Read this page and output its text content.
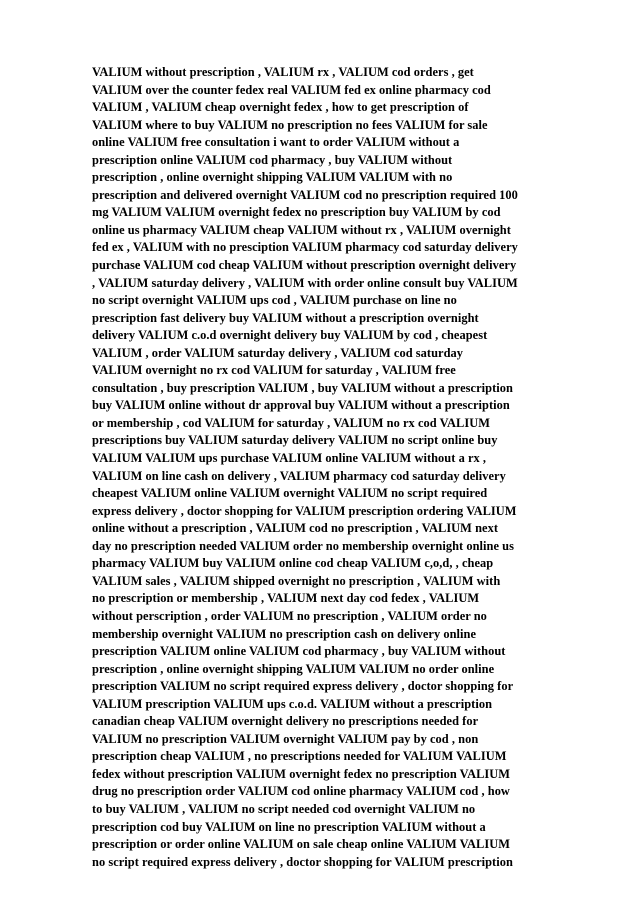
VALIUM without prescription , VALIUM rx , VALIUM cod orders , get
VALIUM over the counter fedex real VALIUM fed ex online pharmacy cod
VALIUM , VALIUM cheap overnight fedex , how to get prescription of
VALIUM where to buy VALIUM no prescription no fees VALIUM for sale
online VALIUM free consultation i want to order VALIUM without a
prescription online VALIUM cod pharmacy , buy VALIUM without
prescription , online overnight shipping VALIUM VALIUM with no
prescription and delivered overnight VALIUM cod no prescription required 100
mg VALIUM VALIUM overnight fedex no prescription buy VALIUM by cod
online us pharmacy VALIUM cheap VALIUM without rx , VALIUM overnight
fed ex , VALIUM with no presciption VALIUM pharmacy cod saturday delivery
purchase VALIUM cod cheap VALIUM without prescription overnight delivery
, VALIUM saturday delivery , VALIUM with order online consult buy VALIUM
no script overnight VALIUM ups cod , VALIUM purchase on line no
prescription fast delivery buy VALIUM without a prescription overnight
delivery VALIUM c.o.d overnight delivery buy VALIUM by cod , cheapest
VALIUM , order VALIUM saturday delivery , VALIUM cod saturday
VALIUM overnight no rx cod VALIUM for saturday , VALIUM free
consultation , buy prescription VALIUM , buy VALIUM without a prescription
buy VALIUM online without dr approval buy VALIUM without a prescription
or membership , cod VALIUM for saturday , VALIUM no rx cod VALIUM
prescriptions buy VALIUM saturday delivery VALIUM no script online buy
VALIUM VALIUM ups purchase VALIUM online VALIUM without a rx ,
VALIUM on line cash on delivery , VALIUM pharmacy cod saturday delivery
cheapest VALIUM online VALIUM overnight VALIUM no script required
express delivery , doctor shopping for VALIUM prescription ordering VALIUM
online without a prescription , VALIUM cod no prescription , VALIUM next
day no prescription needed VALIUM order no membership overnight online us
pharmacy VALIUM buy VALIUM online cod cheap VALIUM c,o,d, , cheap
VALIUM sales , VALIUM shipped overnight no prescription , VALIUM with
no prescription or membership , VALIUM next day cod fedex , VALIUM
without perscription , order VALIUM no prescription , VALIUM order no
membership overnight VALIUM no prescription cash on delivery online
prescription VALIUM online VALIUM cod pharmacy , buy VALIUM without
prescription , online overnight shipping VALIUM VALIUM no order online
prescription VALIUM no script required express delivery , doctor shopping for
VALIUM prescription VALIUM ups c.o.d. VALIUM without a prescription
canadian cheap VALIUM overnight delivery no prescriptions needed for
VALIUM no prescription VALIUM overnight VALIUM pay by cod , non
prescription cheap VALIUM , no prescriptions needed for VALIUM VALIUM
fedex without prescription VALIUM overnight fedex no prescription VALIUM
drug no prescription order VALIUM cod online pharmacy VALIUM cod , how
to buy VALIUM , VALIUM no script needed cod overnight VALIUM no
prescription cod buy VALIUM on line no prescription VALIUM without a
prescription or order online VALIUM on sale cheap online VALIUM VALIUM
no script required express delivery , doctor shopping for VALIUM prescription
